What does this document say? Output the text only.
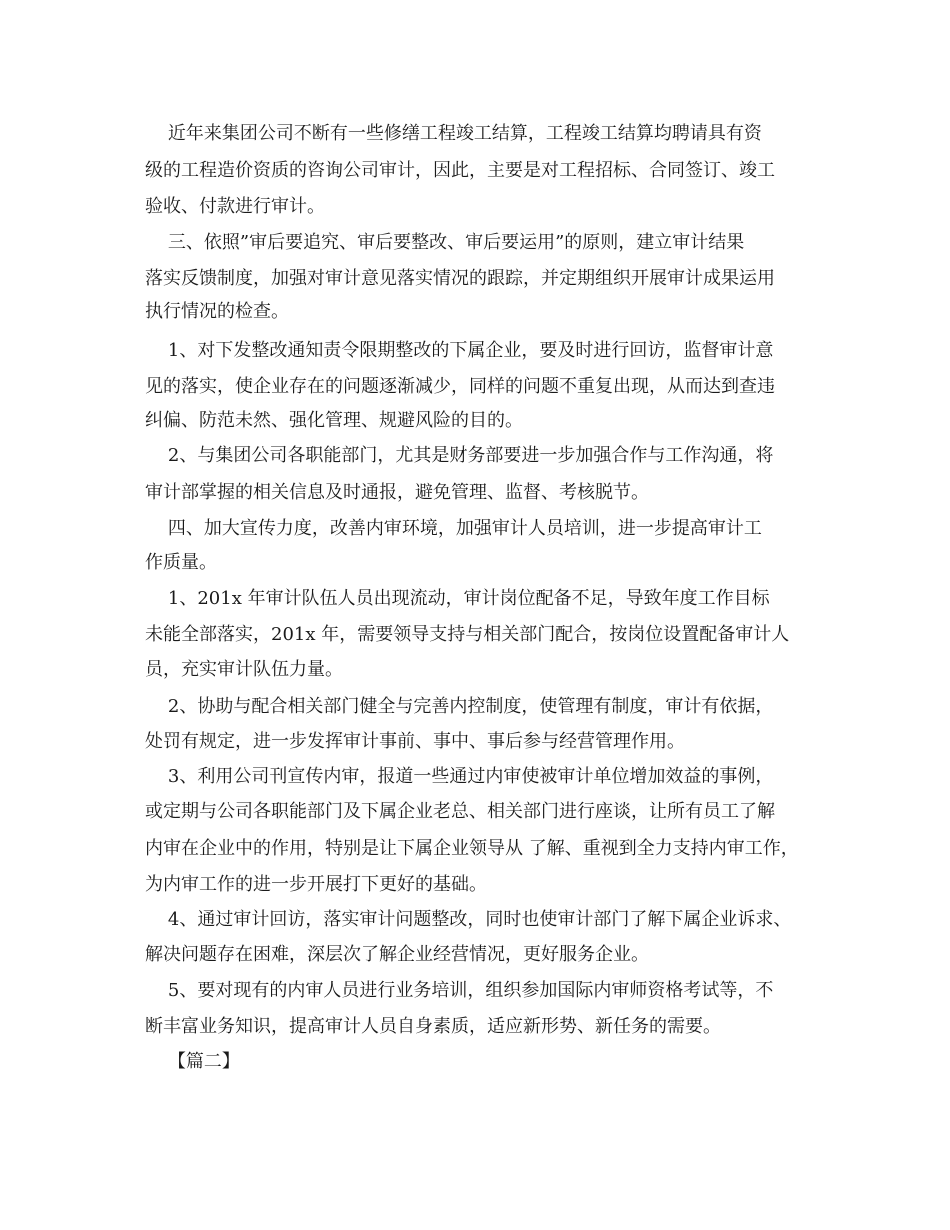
近年来集团公司不断有一些修缮工程竣工结算，工程竣工结算均聘请具有资
级的工程造价资质的咨询公司审计，因此，主要是对工程招标、合同签订、竣工
验收、付款进行审计。
三、依照”审后要追究、审后要整改、审后要运用”的原则，建立审计结果
落实反馈制度，加强对审计意见落实情况的跟踪，并定期组织开展审计成果运用
执行情况的检查。
1、对下发整改通知责令限期整改的下属企业，要及时进行回访，监督审计意
见的落实，使企业存在的问题逐渐减少，同样的问题不重复出现，从而达到查违
纠偏、防范未然、强化管理、规避风险的目的。
2、与集团公司各职能部门，尤其是财务部要进一步加强合作与工作沟通，将
审计部掌握的相关信息及时通报，避免管理、监督、考核脱节。
四、加大宣传力度，改善内审环境，加强审计人员培训，进一步提高审计工
作质量。
1、201x 年审计队伍人员出现流动，审计岗位配备不足，导致年度工作目标
未能全部落实，201x 年，需要领导支持与相关部门配合，按岗位设置配备审计人
员，充实审计队伍力量。
2、协助与配合相关部门健全与完善内控制度，使管理有制度，审计有依据，
处罚有规定，进一步发挥审计事前、事中、事后参与经营管理作用。
3、利用公司刊宣传内审，报道一些通过内审使被审计单位增加效益的事例，
或定期与公司各职能部门及下属企业老总、相关部门进行座谈，让所有员工了解
内审在企业中的作用，特别是让下属企业领导从 了解、重视到全力支持内审工作，
为内审工作的进一步开展打下更好的基础。
4、通过审计回访，落实审计问题整改，同时也使审计部门了解下属企业诉求、
解决问题存在困难，深层次了解企业经营情况，更好服务企业。
5、要对现有的内审人员进行业务培训，组织参加国际内审师资格考试等，不
断丰富业务知识，提高审计人员自身素质，适应新形势、新任务的需要。
【篇二】
